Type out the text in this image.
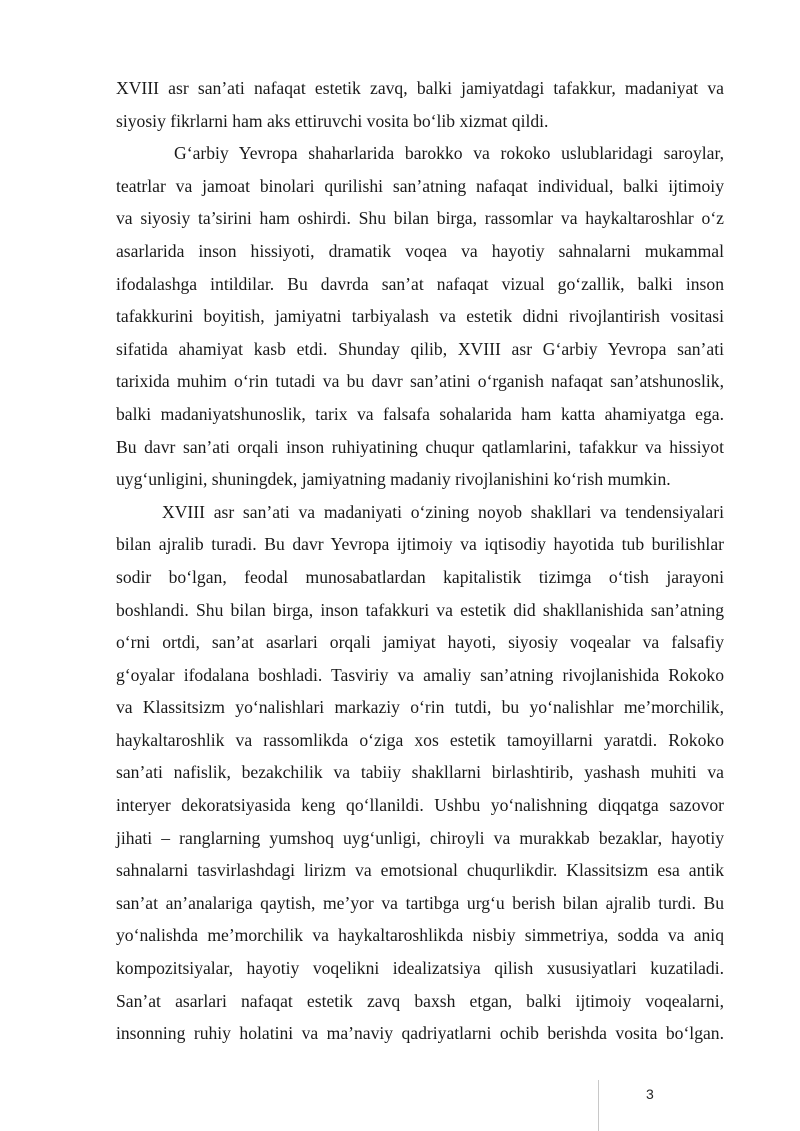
XVIII asr san’ati nafaqat estetik zavq, balki jamiyatdagi tafakkur, madaniyat va
siyosiy fikrlarni ham aks ettiruvchi vosita bo‘lib xizmat qildi.

G‘arbiy Yevropa shaharlarida barokko va rokoko uslublaridagi saroylar,
teatrlar va jamoat binolari qurilishi san’atning nafaqat individual, balki ijtimoiy
va siyosiy ta’sirini ham oshirdi. Shu bilan birga, rassomlar va haykaltaroshlar o‘z
asarlarida inson hissiyoti, dramatik voqea va hayotiy sahnalarni mukammal
ifodalashga intildilar. Bu davrda san’at nafaqat vizual go‘zallik, balki inson
tafakkurini boyitish, jamiyatni tarbiyalash va estetik didni rivojlantirish vositasi
sifatida ahamiyat kasb etdi. Shunday qilib, XVIII asr G‘arbiy Yevropa san’ati
tarixida muhim o‘rin tutadi va bu davr san’atini o‘rganish nafaqat san’atshunoslik,
balki madaniyatshunoslik, tarix va falsafa sohalarida ham katta ahamiyatga ega.
Bu davr san’ati orqali inson ruhiyatining chuqur qatlamlarini, tafakkur va hissiyot
uyg‘unligini, shuningdek, jamiyatning madaniy rivojlanishini ko‘rish mumkin.

XVIII asr san’ati va madaniyati o‘zining noyob shakllari va tendensiyalari
bilan ajralib turadi. Bu davr Yevropa ijtimoiy va iqtisodiy hayotida tub burilishlar
sodir bo‘lgan, feodal munosabatlardan kapitalistik tizimga o‘tish jarayoni
boshlandi. Shu bilan birga, inson tafakkuri va estetik did shakllanishida san’atning
o‘rni ortdi, san’at asarlari orqali jamiyat hayoti, siyosiy voqealar va falsafiy
g‘oyalar ifodalana boshladi. Tasviriy va amaliy san’atning rivojlanishida Rokoko
va Klassitsizm yo‘nalishlari markaziy o‘rin tutdi, bu yo‘nalishlar me’morchilik,
haykaltaroshlik va rassomlikda o‘ziga xos estetik tamoyillarni yaratdi. Rokoko
san’ati nafislik, bezakchilik va tabiiy shakllarni birlashtirib, yashash muhiti va
interyer dekoratsiyasida keng qo‘llanildi. Ushbu yo‘nalishning diqqatga sazovor
jihati – ranglarning yumshoq uyg‘unligi, chiroyli va murakkab bezaklar, hayotiy
sahnalarni tasvirlashdagi lirizm va emotsional chuqurlikdir. Klassitsizm esa antik
san’at an’analariga qaytish, me’yor va tartibga urg‘u berish bilan ajralib turdi. Bu
yo‘nalishda me’morchilik va haykaltaroshlikda nisbiy simmetriya, sodda va aniq
kompozitsiyalar, hayotiy voqelikni idealizatsiya qilish xususiyatlari kuzatiladi.
San’at asarlari nafaqat estetik zavq baxsh etgan, balki ijtimoiy voqealarni,
insonning ruhiy holatini va ma’naviy qadriyatlarni ochib berishda vosita bo‘lgan.

3
